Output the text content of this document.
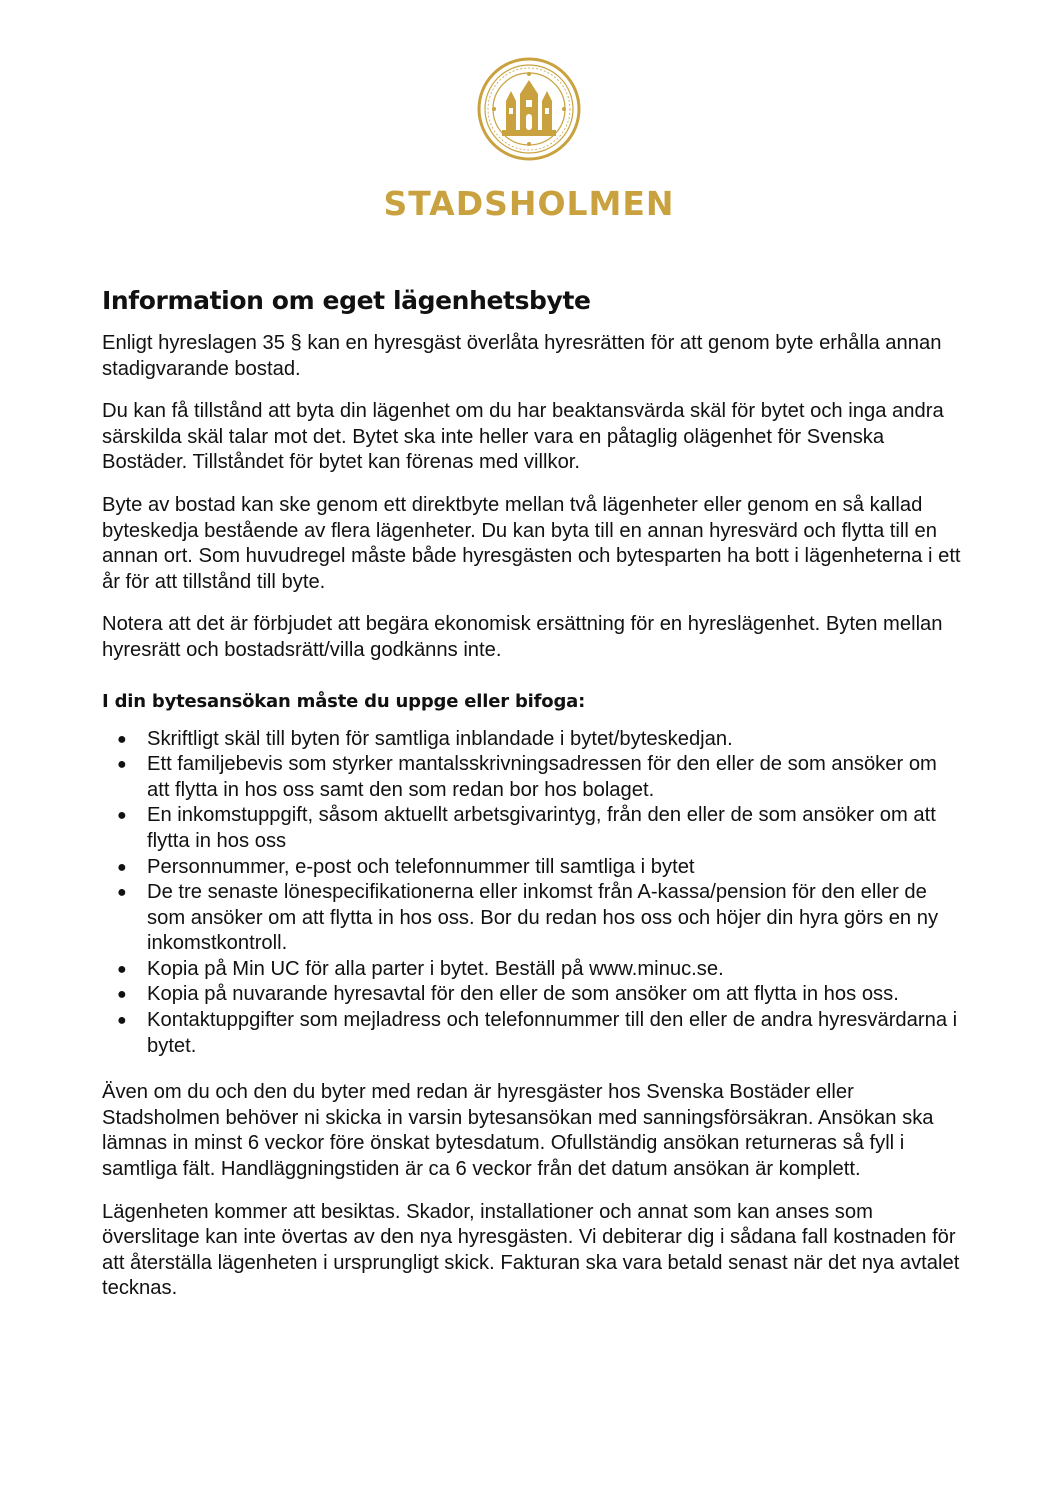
STADSHOLMEN
Information om eget lägenhetsbyte

Enligt hyreslagen 35 § kan en hyresgäst överlåta hyresrätten för att genom byte erhålla annan stadigvarande bostad.

Du kan få tillstånd att byta din lägenhet om du har beaktansvärda skäl för bytet och inga andra särskilda skäl talar mot det. Bytet ska inte heller vara en påtaglig olägenhet för Svenska Bostäder. Tillståndet för bytet kan förenas med villkor.

Byte av bostad kan ske genom ett direktbyte mellan två lägenheter eller genom en så kallad byteskedja bestående av flera lägenheter. Du kan byta till en annan hyresvärd och flytta till en annan ort. Som huvudregel måste både hyresgästen och bytesparten ha bott i lägenheterna i ett år för att tillstånd till byte.

Notera att det är förbjudet att begära ekonomisk ersättning för en hyreslägenhet. Byten mellan hyresrätt och bostadsrätt/villa godkänns inte.

I din bytesansökan måste du uppge eller bifoga:
● Skriftligt skäl till byten för samtliga inblandade i bytet/byteskedjan.
● Ett familjebevis som styrker mantalsskrivningsadressen för den eller de som ansöker om att flytta in hos oss samt den som redan bor hos bolaget.
● En inkomstuppgift, såsom aktuellt arbetsgivarintyg, från den eller de som ansöker om att flytta in hos oss
● Personnummer, e-post och telefonnummer till samtliga i bytet
● De tre senaste lönespecifikationerna eller inkomst från A-kassa/pension för den eller de som ansöker om att flytta in hos oss. Bor du redan hos oss och höjer din hyra görs en ny inkomstkontroll.
● Kopia på Min UC för alla parter i bytet. Beställ på www.minuc.se.
● Kopia på nuvarande hyresavtal för den eller de som ansöker om att flytta in hos oss.
● Kontaktuppgifter som mejladress och telefonnummer till den eller de andra hyresvärdarna i bytet.

Även om du och den du byter med redan är hyresgäster hos Svenska Bostäder eller Stadsholmen behöver ni skicka in varsin bytesansökan med sanningsförsäkran. Ansökan ska lämnas in minst 6 veckor före önskat bytesdatum. Ofullständig ansökan returneras så fyll i samtliga fält. Handläggningstiden är ca 6 veckor från det datum ansökan är komplett.

Lägenheten kommer att besiktas. Skador, installationer och annat som kan anses som överslitage kan inte övertas av den nya hyresgästen. Vi debiterar dig i sådana fall kostnaden för att återställa lägenheten i ursprungligt skick. Fakturan ska vara betald senast när det nya avtalet tecknas.
